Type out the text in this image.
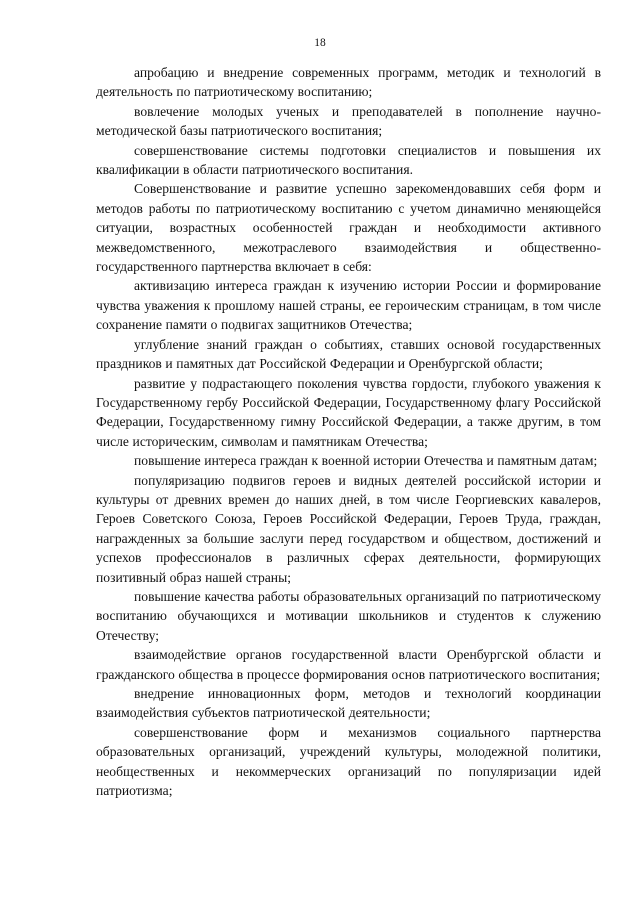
18

апробацию и внедрение современных программ, методик и технологий в деятельность по патриотическому воспитанию;

вовлечение молодых ученых и преподавателей в пополнение научно-методической базы патриотического воспитания;

совершенствование системы подготовки специалистов и повышения их квалификации в области патриотического воспитания.

Совершенствование и развитие успешно зарекомендовавших себя форм и методов работы по патриотическому воспитанию с учетом динамично меняющейся ситуации, возрастных особенностей граждан и необходимости активного межведомственного, межотраслевого взаимодействия и общественно-государственного партнерства включает в себя:

активизацию интереса граждан к изучению истории России и формирование чувства уважения к прошлому нашей страны, ее героическим страницам, в том числе сохранение памяти о подвигах защитников Отечества;

углубление знаний граждан о событиях, ставших основой государственных праздников и памятных дат Российской Федерации и Оренбургской области;

развитие у подрастающего поколения чувства гордости, глубокого уважения к Государственному гербу Российской Федерации, Государственному флагу Российской Федерации, Государственному гимну Российской Федерации, а также другим, в том числе историческим, символам и памятникам Отечества;

повышение интереса граждан к военной истории Отечества и памятным датам;

популяризацию подвигов героев и видных деятелей российской истории и культуры от древних времен до наших дней, в том числе Георгиевских кавалеров, Героев Советского Союза, Героев Российской Федерации, Героев Труда, граждан, награжденных за большие заслуги перед государством и обществом, достижений и успехов профессионалов в различных сферах деятельности, формирующих позитивный образ нашей страны;

повышение качества работы образовательных организаций по патриотическому воспитанию обучающихся и мотивации школьников и студентов к служению Отечеству;

взаимодействие органов государственной власти Оренбургской области и гражданского общества в процессе формирования основ патриотического воспитания;

внедрение инновационных форм, методов и технологий координации взаимодействия субъектов патриотической деятельности;

совершенствование форм и механизмов социального партнерства образовательных организаций, учреждений культуры, молодежной политики, необщественных и некоммерческих организаций по популяризации идей патриотизма;
